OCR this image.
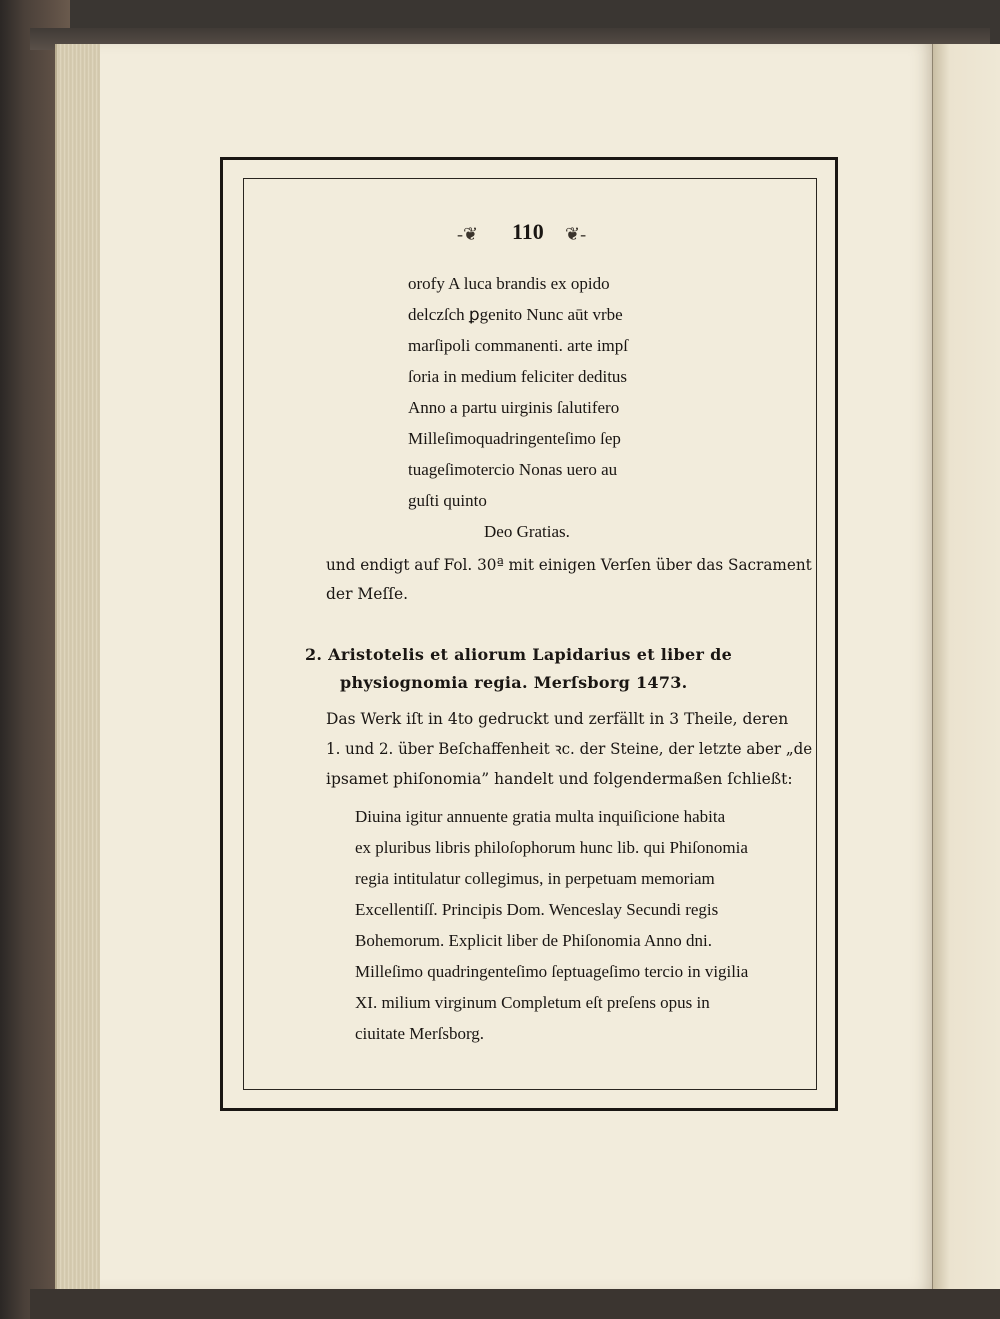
-❦ 110 ❦-
orofy A luca brandis ex opido
delczſch ꝑgenito Nunc aūt vrbe
marſipoli commanenti. arte impſ
ſoria in medium feliciter deditus
Anno a partu uirginis ſalutifero
Milleſimoquadringenteſimo ſep
tuageſimotercio Nonas uero au
guſti quinto
Deo Gratias.
und endigt auf Fol. 30ª mit einigen Verſen über das Sacrament
der Meſſe.
2. Aristotelis et aliorum Lapidarius et liber de
physiognomia regia. Merſsborg 1473.
Das Werk iſt in 4to gedruckt und zerfällt in 3 Theile, deren
1. und 2. über Beſchaffenheit ꝛc. der Steine, der letzte aber „de
ipsamet phiſonomia” handelt und folgendermaßen ſchließt:
Diuina igitur annuente gratia multa inquiſicione habita
ex pluribus libris philoſophorum hunc lib. qui Phiſonomia
regia intitulatur collegimus, in perpetuam memoriam
Excellentiſſ. Principis Dom. Wenceslay Secundi regis
Bohemorum. Explicit liber de Phiſonomia Anno dni.
Milleſimo quadringenteſimo ſeptuageſimo tercio in vigilia
XI. milium virginum Completum eſt preſens opus in
ciuitate Merſsborg.
